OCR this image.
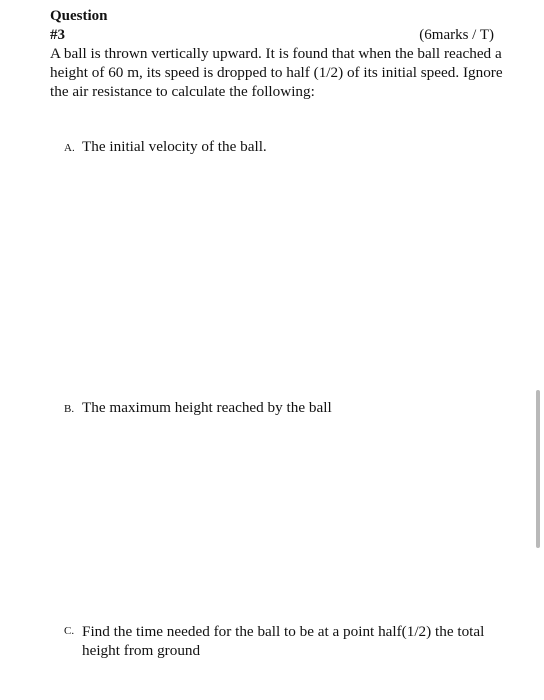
Question
#3	(6marks / T)
A ball is thrown vertically upward. It is found that when the ball reached a height of 60 m, its speed is dropped to half (1/2) of its initial speed. Ignore the air resistance to calculate the following:
A. The initial velocity of the ball.
B. The maximum height reached by the ball
C. Find the time needed for the ball to be at a point half(1/2) the total height from ground
